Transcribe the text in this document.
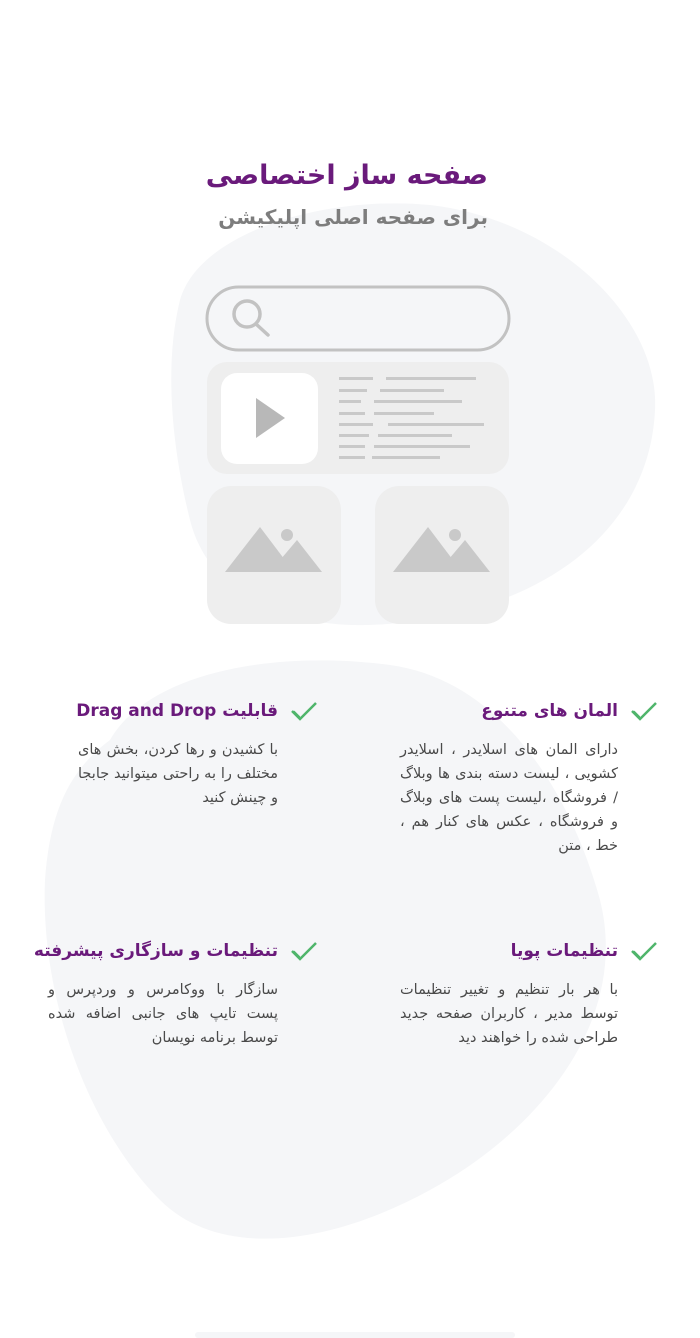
صفحه ساز اختصاصی
برای صفحه اصلی اپلیکیشن
المان های متنوع

دارای المان های اسلایدر ، اسلایدر کشویی ، لیست دسته بندی ها وبلاگ / فروشگاه ،لیست پست های وبلاگ و فروشگاه ، عکس های کنار هم ، خط ، متن

قابلیت Drag and Drop

با کشیدن و رها کردن، بخش های مختلف را به راحتی میتوانید جابجا و چینش کنید

تنظیمات پویا

با هر بار تنظیم و تغییر تنظیمات توسط مدیر ، کاربران صفحه جدید طراحی شده را خواهند دید

تنظیمات و سازگاری پیشرفته

سازگار با ووکامرس و وردپرس و پست تایپ های جانبی اضافه شده توسط برنامه نویسان
